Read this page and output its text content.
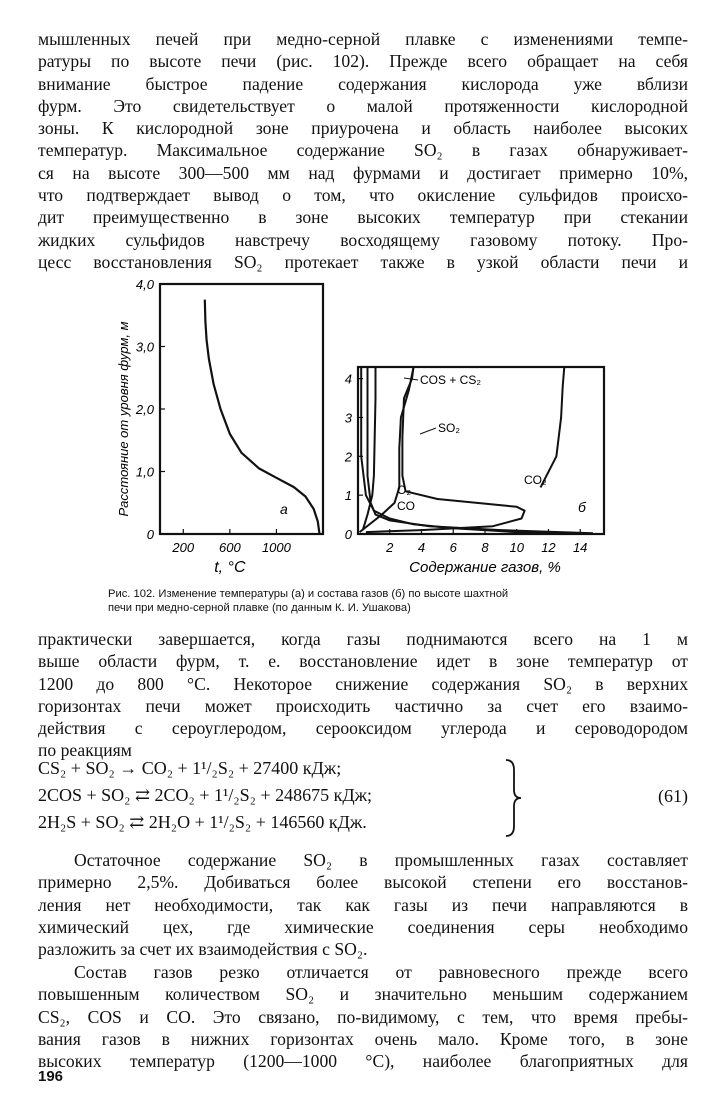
мышленных печей при медно-серной плавке с изменениями темпе-
ратуры по высоте печи (рис. 102). Прежде всего обращает на себя
внимание быстрое падение содержания кислорода уже вблизи
фурм. Это свидетельствует о малой протяженности кислородной
зоны. К кислородной зоне приурочена и область наиболее высоких
температур. Максимальное содержание SO₂ в газах обнаруживает-
ся на высоте 300—500 мм над фурмами и достигает примерно 10%,
что подтверждает вывод о том, что окисление сульфидов происхо-
дит преимущественно в зоне высоких температур при стекании
жидких сульфидов навстречу восходящему газовому потоку. Про-
цесс восстановления SO₂ протекает также в узкой области печи и

200 600 1000
0
1,0
2,0
3,0
4,0
а
t, °C
Расстояние от уровня фурм, м
2 4 6 8 10 12 14
0
1
2
3
4	COS + CS₂
SO₂
CO₂
O₂
CO	б
Содержание газов, %
Рис. 102. Изменение температуры (а) и состава газов (б) по высоте шахтной
печи при медно-серной плавке (по данным К. И. Ушакова)

практически завершается, когда газы поднимаются всего на 1 м
выше области фурм, т. е. восстановление идет в зоне температур от
1200 до 800 °C. Некоторое снижение содержания SO₂ в верхних
горизонтах печи может происходить частично за счет его взаимо-
действия с сероуглеродом, серооксидом углерода и сероводородом
по реакциям

CS₂ + SO₂ → CO₂ + 1¹/₂S₂ + 27400 кДж;
2COS + SO₂ ⇄ 2CO₂ + 1¹/₂S₂ + 248675 кДж;
2H₂S + SO₂ ⇄ 2H₂O + 1¹/₂S₂ + 146560 кДж.
(61)

Остаточное содержание SO₂ в промышленных газах составляет
примерно 2,5%. Добиваться более высокой степени его восстанов-
ления нет необходимости, так как газы из печи направляются в
химический цех, где химические соединения серы необходимо
разложить за счет их взаимодействия с SO₂.

Состав газов резко отличается от равновесного прежде всего
повышенным количеством SO₂ и значительно меньшим содержанием
CS₂, COS и CO. Это связано, по-видимому, с тем, что время пребы-
вания газов в нижних горизонтах очень мало. Кроме того, в зоне
высоких температур (1200—1000 °C), наиболее благоприятных для

196
